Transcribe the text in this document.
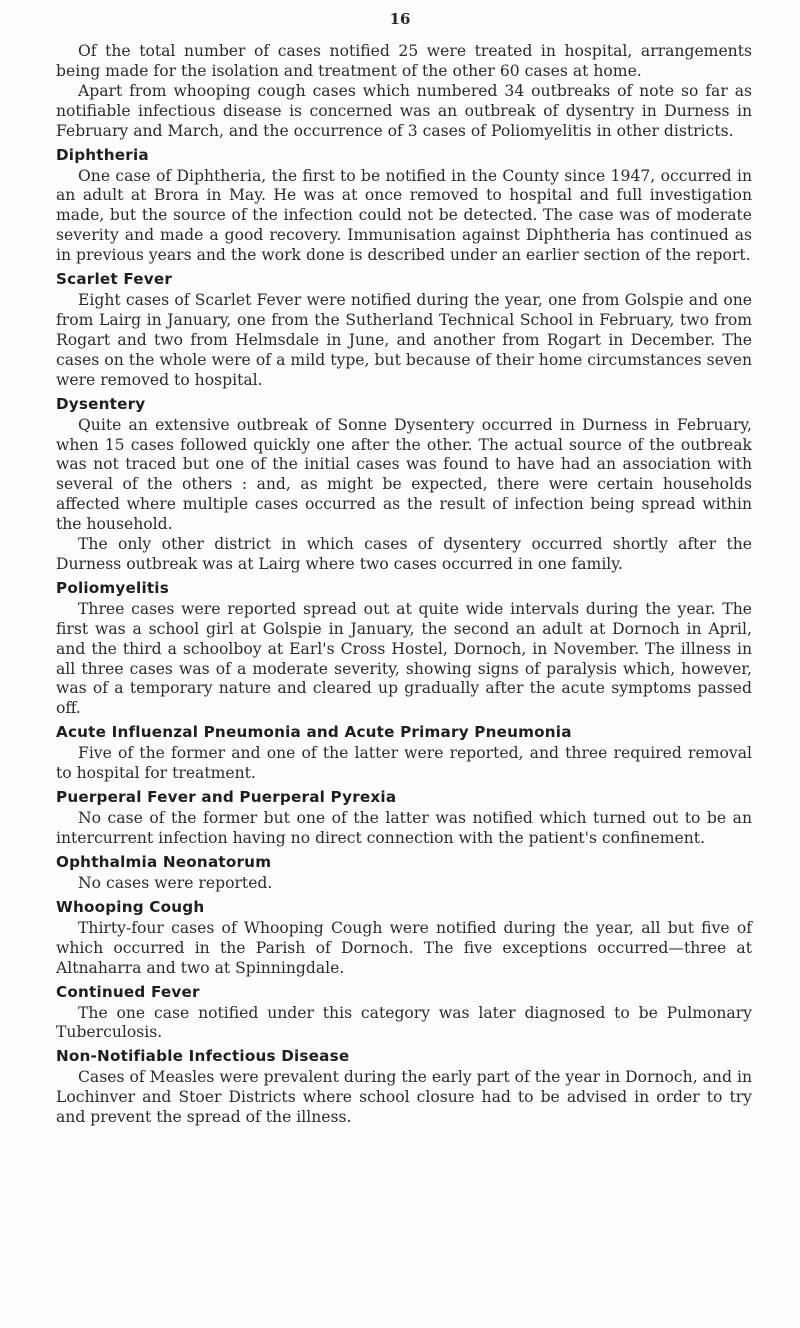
16

Of the total number of cases notified 25 were treated in hospital, arrangements being made for the isolation and treatment of the other 60 cases at home.

Apart from whooping cough cases which numbered 34 outbreaks of note so far as notifiable infectious disease is concerned was an outbreak of dysentry in Durness in February and March, and the occurrence of 3 cases of Poliomyelitis in other districts.

Diphtheria

One case of Diphtheria, the first to be notified in the County since 1947, occurred in an adult at Brora in May. He was at once removed to hospital and full investigation made, but the source of the infection could not be detected. The case was of moderate severity and made a good recovery. Immunisation against Diphtheria has continued as in previous years and the work done is described under an earlier section of the report.

Scarlet Fever

Eight cases of Scarlet Fever were notified during the year, one from Golspie and one from Lairg in January, one from the Sutherland Technical School in February, two from Rogart and two from Helmsdale in June, and another from Rogart in December. The cases on the whole were of a mild type, but because of their home circumstances seven were removed to hospital.

Dysentery

Quite an extensive outbreak of Sonne Dysentery occurred in Durness in February, when 15 cases followed quickly one after the other. The actual source of the outbreak was not traced but one of the initial cases was found to have had an association with several of the others : and, as might be expected, there were certain households affected where multiple cases occurred as the result of infection being spread within the household.

The only other district in which cases of dysentery occurred shortly after the Durness outbreak was at Lairg where two cases occurred in one family.

Poliomyelitis

Three cases were reported spread out at quite wide intervals during the year. The first was a school girl at Golspie in January, the second an adult at Dornoch in April, and the third a schoolboy at Earl's Cross Hostel, Dornoch, in November. The illness in all three cases was of a moderate severity, showing signs of paralysis which, however, was of a temporary nature and cleared up gradually after the acute symptoms passed off.

Acute Influenzal Pneumonia and Acute Primary Pneumonia

Five of the former and one of the latter were reported, and three required removal to hospital for treatment.

Puerperal Fever and Puerperal Pyrexia

No case of the former but one of the latter was notified which turned out to be an intercurrent infection having no direct connection with the patient's confinement.

Ophthalmia Neonatorum

No cases were reported.

Whooping Cough

Thirty-four cases of Whooping Cough were notified during the year, all but five of which occurred in the Parish of Dornoch. The five exceptions occurred—three at Altnaharra and two at Spinningdale.

Continued Fever

The one case notified under this category was later diagnosed to be Pulmonary Tuberculosis.

Non-Notifiable Infectious Disease

Cases of Measles were prevalent during the early part of the year in Dornoch, and in Lochinver and Stoer Districts where school closure had to be advised in order to try and prevent the spread of the illness.
